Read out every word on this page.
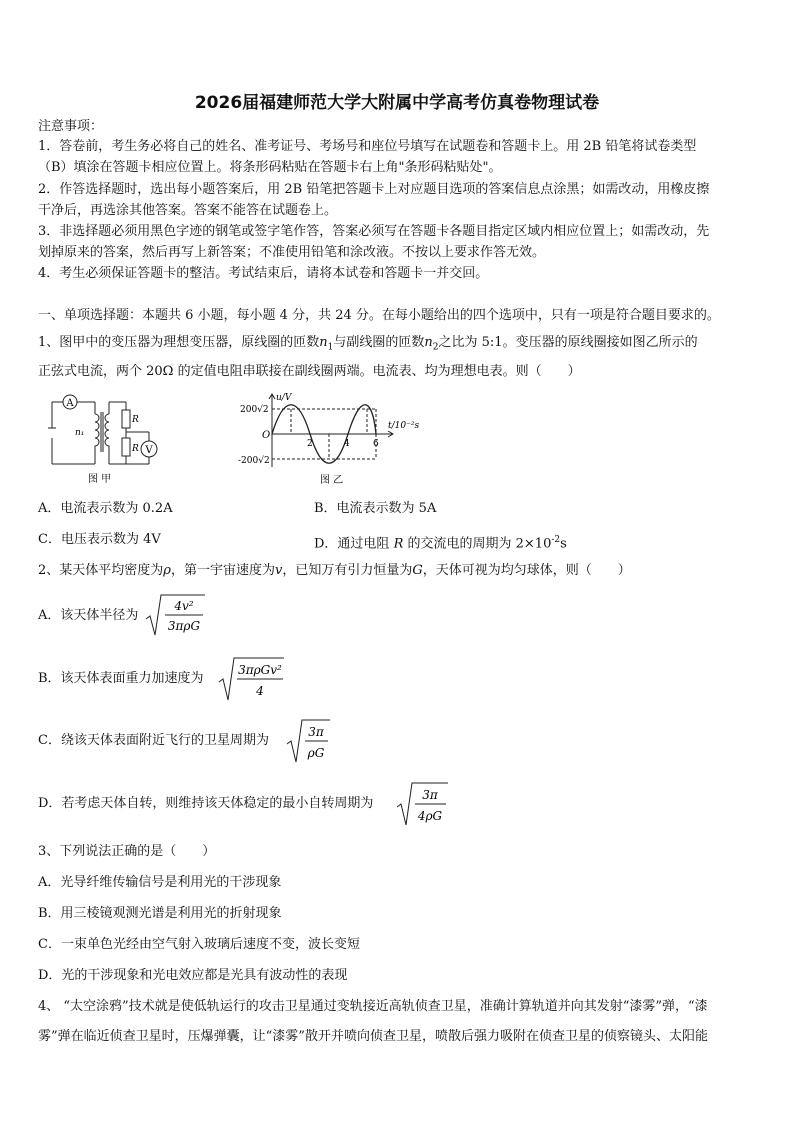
2026届福建师范大学大附属中学高考仿真卷物理试卷
注意事项：
1．答卷前，考生务必将自己的姓名、准考证号、考场号和座位号填写在试题卷和答题卡上。用 2B 铅笔将试卷类型
（B）填涂在答题卡相应位置上。将条形码粘贴在答题卡右上角"条形码粘贴处"。
2．作答选择题时，选出每小题答案后，用 2B 铅笔把答题卡上对应题目选项的答案信息点涂黑；如需改动，用橡皮擦
干净后，再选涂其他答案。答案不能答在试题卷上。
3．非选择题必须用黑色字迹的钢笔或签字笔作答，答案必须写在答题卡各题目指定区域内相应位置上；如需改动，先
划掉原来的答案，然后再写上新答案；不准使用铅笔和涂改液。不按以上要求作答无效。
4．考生必须保证答题卡的整洁。考试结束后，请将本试卷和答题卡一并交回。
一、单项选择题：本题共 6 小题，每小题 4 分，共 24 分。在每小题给出的四个选项中，只有一项是符合题目要求的。
1、图甲中的变压器为理想变压器，原线圈的匝数$n_1$与副线圈的匝数$n_2$之比为 5:1。变压器的原线圈接如图乙所示的
正弦式电流，两个 20Ω 的定值电阻串联接在副线圈两端。电流表、均为理想电表。则（　　）
A
V
n₁
R
R
图 甲
u/V
t/10⁻²s
200√2
-200√2
O
2	4	6
图 乙
A．电流表示数为 0.2A	B．电流表示数为 5A
C．电压表示数为 4V	D．通过电阻 R 的交流电的周期为 $2\times 10^{-2}s$
2、某天体平均密度为ρ，第一宇宙速度为v，已知万有引力恒量为G，天体可视为均匀球体，则（　　）
A．该天体半径为
4v²
3πρG
B．该天体表面重力加速度为
3πρGv²
4
C．绕该天体表面附近飞行的卫星周期为
3π
ρG
D．若考虑天体自转，则维持该天体稳定的最小自转周期为
3π
4ρG
3、下列说法正确的是（　　）
A．光导纤维传输信号是利用光的干涉现象
B．用三棱镜观测光谱是利用光的折射现象
C．一束单色光经由空气射入玻璃后速度不变，波长变短
D．光的干涉现象和光电效应都是光具有波动性的表现
4、 “太空涂鸦”技术就是使低轨运行的攻击卫星通过变轨接近高轨侦查卫星，准确计算轨道并向其发射“漆雾”弹，“漆
雾”弹在临近侦查卫星时，压爆弹囊，让“漆雾”散开并喷向侦查卫星，喷散后强力吸附在侦查卫星的侦察镜头、太阳能
